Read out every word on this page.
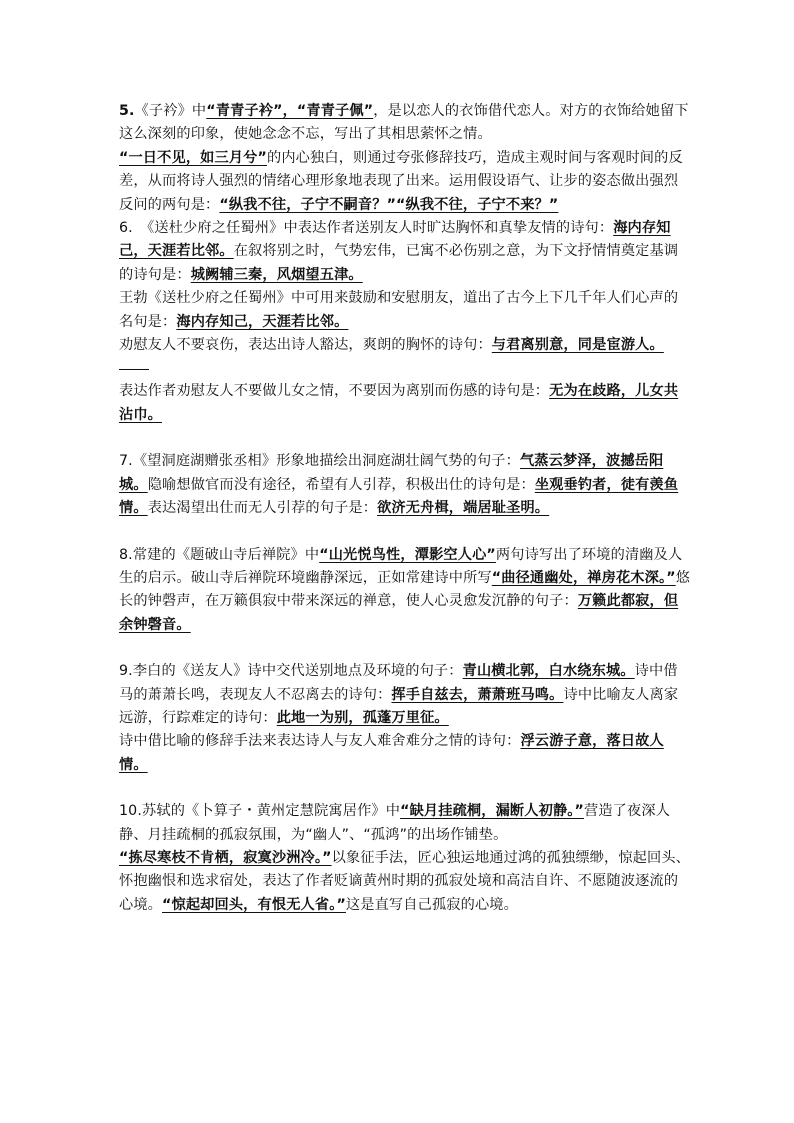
5.《子衿》中“青青子衿”，“青青子佩”，是以恋人的衣饰借代恋人。对方的衣饰给她留下这么深刻的印象，使她念念不忘，写出了其相思萦怀之情。

“一日不见，如三月兮”的内心独白，则通过夸张修辞技巧，造成主观时间与客观时间的反差，从而将诗人强烈的情绪心理形象地表现了出来。运用假设语气、让步的姿态做出强烈反问的两句是：“纵我不往，子宁不嗣音？”“纵我不往，子宁不来？”

6.　《送杜少府之任蜀州》中表达作者送别友人时旷达胸怀和真挚友情的诗句：海内存知己，天涯若比邻。在叙将别之时，气势宏伟，已寓不必伤别之意，为下文抒情情奠定基调的诗句是：城阙辅三秦，风烟望五津。

王勃《送杜少府之任蜀州》中可用来鼓励和安慰朋友，道出了古今上下几千年人们心声的名句是：海内存知己，天涯若比邻。

劝慰友人不要哀伤，表达出诗人豁达，爽朗的胸怀的诗句：与君离别意，同是宦游人。

表达作者劝慰友人不要做儿女之情，不要因为离别而伤感的诗句是：无为在歧路，儿女共沾巾。

7.《望洞庭湖赠张丞相》形象地描绘出洞庭湖壮阔气势的句子：气蒸云梦泽，波撼岳阳城。隐喻想做官而没有途径，希望有人引荐，积极出仕的诗句是：坐观垂钓者，徒有羡鱼情。表达渴望出仕而无人引荐的句子是：欲济无舟楫，端居耻圣明。

8.常建的《题破山寺后禅院》中“山光悦鸟性，潭影空人心”两句诗写出了环境的清幽及人生的启示。破山寺后禅院环境幽静深远，正如常建诗中所写“曲径通幽处，禅房花木深。”悠长的钟磬声，在万籁俱寂中带来深远的禅意，使人心灵愈发沉静的句子：万籁此都寂，但余钟磬音。

9.李白的《送友人》诗中交代送别地点及环境的句子：青山横北郭，白水绕东城。诗中借马的萧萧长鸣，表现友人不忍离去的诗句：挥手自兹去，萧萧班马鸣。诗中比喻友人离家远游，行踪难定的诗句：此地一为别，孤蓬万里征。

诗中借比喻的修辞手法来表达诗人与友人难舍难分之情的诗句：浮云游子意，落日故人情。

10.苏轼的《卜算子・黄州定慧院寓居作》中“缺月挂疏桐，漏断人初静。”营造了夜深人静、月挂疏桐的孤寂氛围，为“幽人”、“孤鸿”的出场作铺垫。

“拣尽寒枝不肯栖，寂寞沙洲冷。”以象征手法，匠心独运地通过鸿的孤独缥缈，惊起回头、怀抱幽恨和选求宿处，表达了作者贬谪黄州时期的孤寂处境和高洁自许、不愿随波逐流的心境。“惊起却回头，有恨无人省。”这是直写自己孤寂的心境。
